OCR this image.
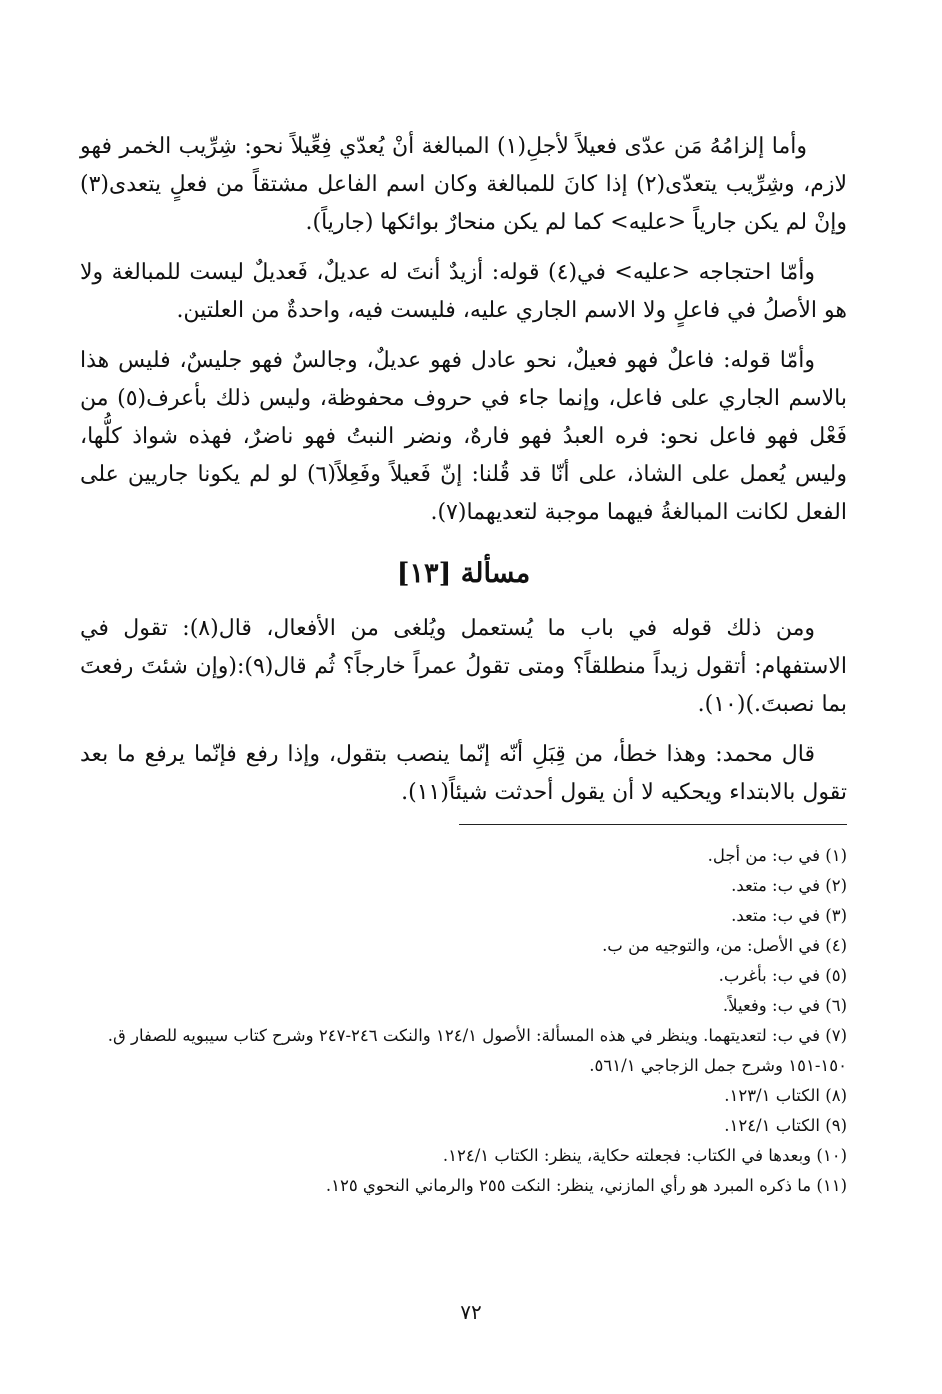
وأما إلزامُهُ مَن عدّى فعيلاً لأجلِ(١) المبالغة أنْ يُعدّي فِعِّيلاً نحو: شِرِّيب الخمر فهو لازم، وشِرِّيب يتعدّى(٢) إذا كانَ للمبالغة وكان اسم الفاعل مشتقاً من فعلٍ يتعدى(٣) وإنْ لم يكن جارياً <عليه> كما لم يكن منحارٌ بوائكها (جارياً).

وأمّا احتجاجه <عليه> في(٤) قوله: أزيدٌ أنتَ له عديلٌ، فَعديلٌ ليست للمبالغة ولا هو الأصلُ في فاعلٍ ولا الاسم الجاري عليه، فليست فيه، واحدةٌ من العلتين.

وأمّا قوله: فاعلٌ فهو فعيلٌ، نحو عادل فهو عديلٌ، وجالسٌ فهو جليسٌ، فليس هذا بالاسم الجاري على فاعل، وإنما جاء في حروف محفوظة، وليس ذلك بأعرف(٥) من فَعْل فهو فاعل نحو: فره العبدُ فهو فارهٌ، ونضر النبتُ فهو ناضرٌ، فهذه شواذ كلُّها، وليس يُعمل على الشاذ، على أنّا قد قُلنا: إنّ فَعيلاً وفَعِلاً(٦) لو لم يكونا جاريين على الفعل لكانت المبالغةُ فيهما موجبة لتعديهما(٧).

مسألة [١٣]

ومن ذلك قوله في باب ما يُستعمل ويُلغى من الأفعال، قال(٨): تقول في الاستفهام: أتقول زيداً منطلقاً؟ ومتى تقولُ عمراً خارجاً؟ ثُم قال(٩):(وإن شئتَ رفعتَ بما نصبتَ.)(١٠).

قال محمد: وهذا خطأ، من قِبَلِ أنّه إنّما ينصب بتقول، وإذا رفع فإنّما يرفع ما بعد تقول بالابتداء ويحكيه لا أن يقول أحدثت شيئاً(١١).

(١) في ب: من أجل.

(٢) في ب: متعد.

(٣) في ب: متعد.

(٤) في الأصل: من، والتوجيه من ب.

(٥) في ب: بأغرب.

(٦) في ب: وفعيلاً.

(٧) في ب: لتعديتهما. وينظر في هذه المسألة: الأصول ١٢٤/١ والنكت ٢٤٦-٢٤٧ وشرح كتاب سيبويه للصفار ق. ١٥٠-١٥١ وشرح جمل الزجاجي ٥٦١/١.

(٨) الكتاب ١٢٣/١.

(٩) الكتاب ١٢٤/١.

(١٠) وبعدها في الكتاب: فجعلته حكاية، ينظر: الكتاب ١٢٤/١.

(١١) ما ذكره المبرد هو رأي المازني، ينظر: النكت ٢٥٥ والرماني النحوي ١٢٥.

٧٢
